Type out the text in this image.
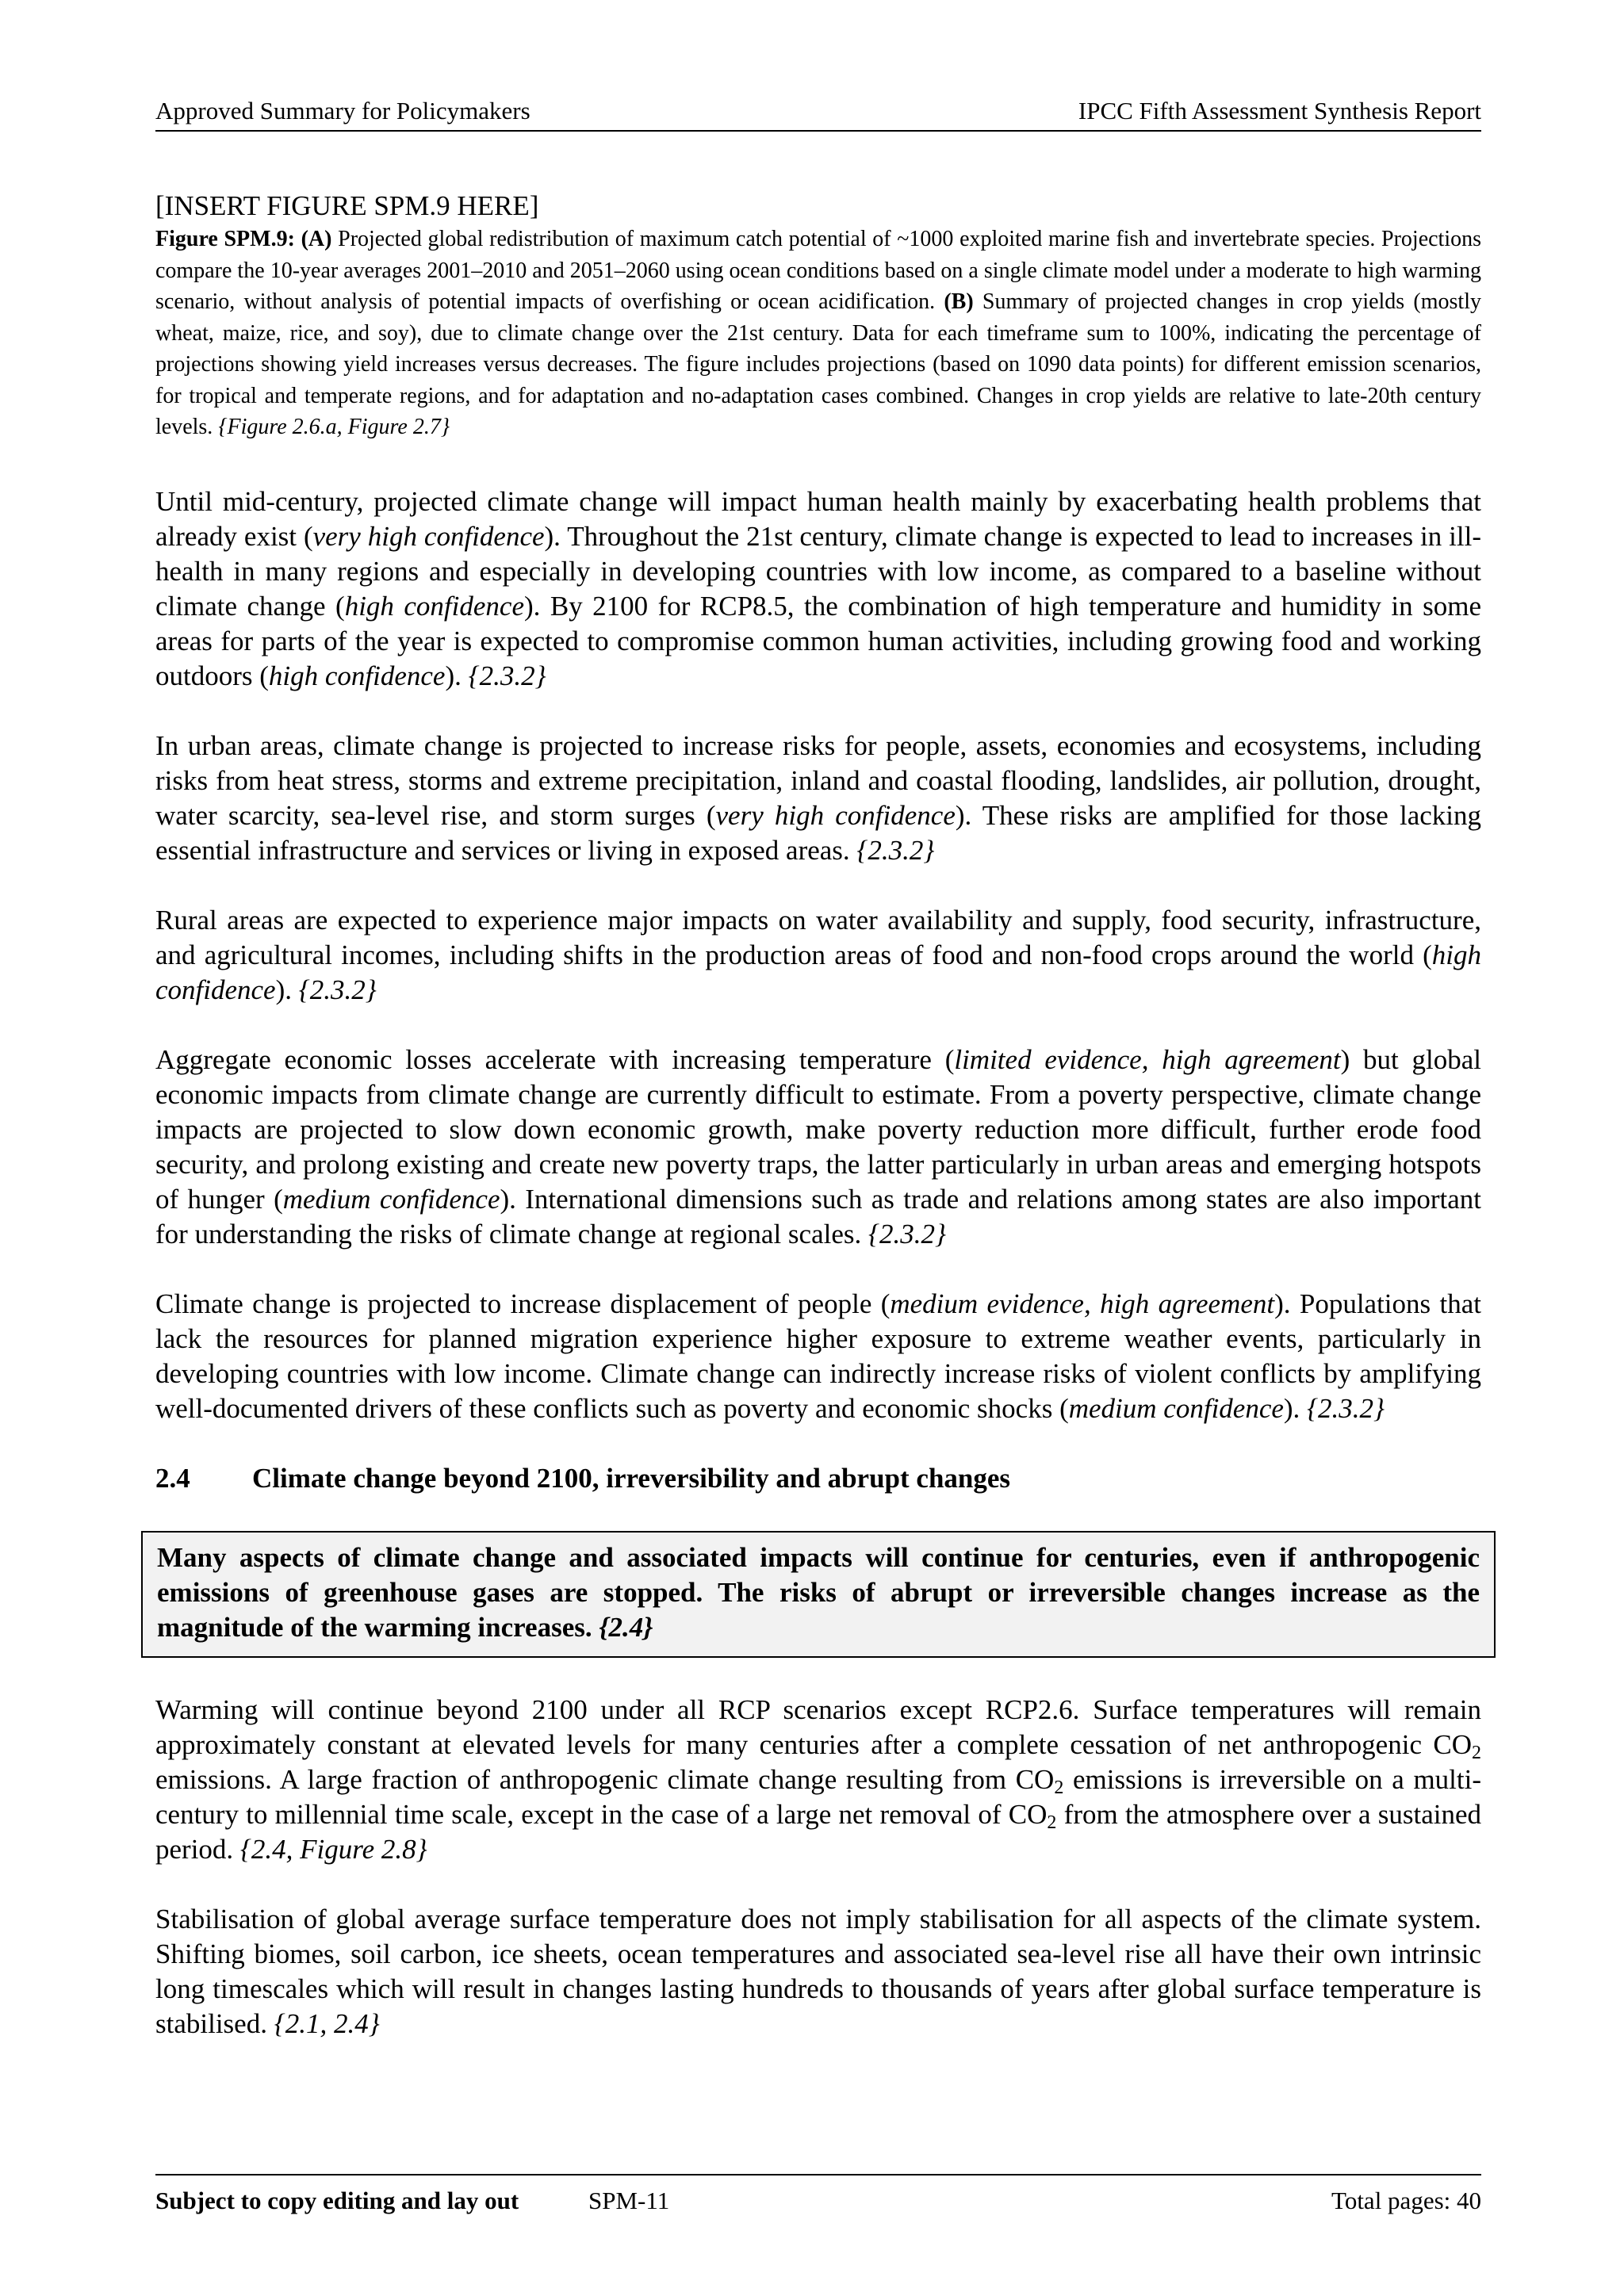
Approved Summary for Policymakers	IPCC Fifth Assessment Synthesis Report
[INSERT FIGURE SPM.9 HERE]

Figure SPM.9: (A) Projected global redistribution of maximum catch potential of ~1000 exploited marine fish and invertebrate species. Projections compare the 10-year averages 2001–2010 and 2051–2060 using ocean conditions based on a single climate model under a moderate to high warming scenario, without analysis of potential impacts of overfishing or ocean acidification. (B) Summary of projected changes in crop yields (mostly wheat, maize, rice, and soy), due to climate change over the 21st century. Data for each timeframe sum to 100%, indicating the percentage of projections showing yield increases versus decreases. The figure includes projections (based on 1090 data points) for different emission scenarios, for tropical and temperate regions, and for adaptation and no-adaptation cases combined. Changes in crop yields are relative to late-20th century levels. {Figure 2.6.a, Figure 2.7}

Until mid-century, projected climate change will impact human health mainly by exacerbating health problems that already exist (very high confidence). Throughout the 21st century, climate change is expected to lead to increases in ill-health in many regions and especially in developing countries with low income, as compared to a baseline without climate change (high confidence). By 2100 for RCP8.5, the combination of high temperature and humidity in some areas for parts of the year is expected to compromise common human activities, including growing food and working outdoors (high confidence). {2.3.2}

In urban areas, climate change is projected to increase risks for people, assets, economies and ecosystems, including risks from heat stress, storms and extreme precipitation, inland and coastal flooding, landslides, air pollution, drought, water scarcity, sea-level rise, and storm surges (very high confidence). These risks are amplified for those lacking essential infrastructure and services or living in exposed areas. {2.3.2}

Rural areas are expected to experience major impacts on water availability and supply, food security, infrastructure, and agricultural incomes, including shifts in the production areas of food and non-food crops around the world (high confidence). {2.3.2}

Aggregate economic losses accelerate with increasing temperature (limited evidence, high agreement) but global economic impacts from climate change are currently difficult to estimate. From a poverty perspective, climate change impacts are projected to slow down economic growth, make poverty reduction more difficult, further erode food security, and prolong existing and create new poverty traps, the latter particularly in urban areas and emerging hotspots of hunger (medium confidence). International dimensions such as trade and relations among states are also important for understanding the risks of climate change at regional scales. {2.3.2}

Climate change is projected to increase displacement of people (medium evidence, high agreement). Populations that lack the resources for planned migration experience higher exposure to extreme weather events, particularly in developing countries with low income. Climate change can indirectly increase risks of violent conflicts by amplifying well-documented drivers of these conflicts such as poverty and economic shocks (medium confidence). {2.3.2}

2.4 Climate change beyond 2100, irreversibility and abrupt changes
Many aspects of climate change and associated impacts will continue for centuries, even if anthropogenic emissions of greenhouse gases are stopped. The risks of abrupt or irreversible changes increase as the magnitude of the warming increases. {2.4}

Warming will continue beyond 2100 under all RCP scenarios except RCP2.6. Surface temperatures will remain approximately constant at elevated levels for many centuries after a complete cessation of net anthropogenic $CO_2$ emissions. A large fraction of anthropogenic climate change resulting from $CO_2$ emissions is irreversible on a multi-century to millennial time scale, except in the case of a large net removal of $CO_2$ from the atmosphere over a sustained period. {2.4, Figure 2.8}

Stabilisation of global average surface temperature does not imply stabilisation for all aspects of the climate system. Shifting biomes, soil carbon, ice sheets, ocean temperatures and associated sea-level rise all have their own intrinsic long timescales which will result in changes lasting hundreds to thousands of years after global surface temperature is stabilised. {2.1, 2.4}

Subject to copy editing and lay out	SPM-11	Total pages: 40
